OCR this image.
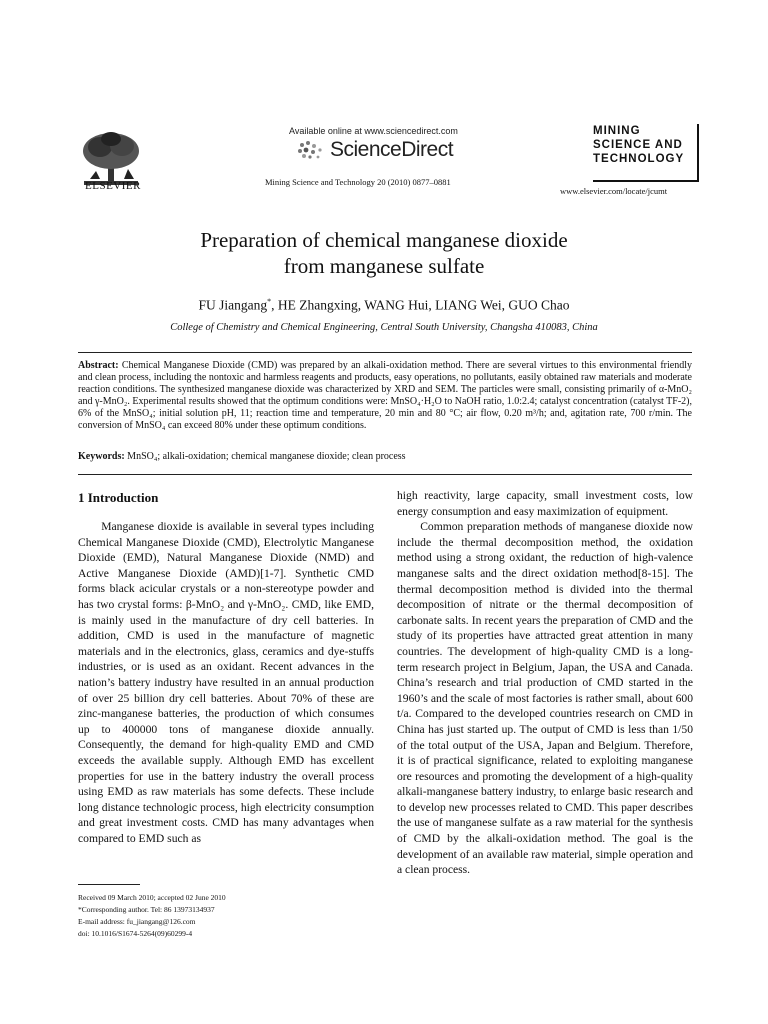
ELSEVIER
Available online at www.sciencedirect.com
ScienceDirect
Mining Science and Technology 20 (2010) 0877–0881
MINING
SCIENCE AND
TECHNOLOGY
www.elsevier.com/locate/jcumt
Preparation of chemical manganese dioxide
from manganese sulfate
FU Jiangang*, HE Zhangxing, WANG Hui, LIANG Wei, GUO Chao
College of Chemistry and Chemical Engineering, Central South University, Changsha 410083, China
Abstract: Chemical Manganese Dioxide (CMD) was prepared by an alkali-oxidation method. There are several virtues to this environmental friendly and clean process, including the nontoxic and harmless reagents and products, easy operations, no pollutants, easily obtained raw materials and moderate reaction conditions. The synthesized manganese dioxide was characterized by XRD and SEM. The particles were small, consisting primarily of α-MnO₂ and γ-MnO₂. Experimental results showed that the optimum conditions were: MnSO₄·H₂O to NaOH ratio, 1.0:2.4; catalyst concentration (catalyst TF-2), 6% of the MnSO₄; initial solution pH, 11; reaction time and temperature, 20 min and 80 °C; air flow, 0.20 m³/h; and, agitation rate, 700 r/min. The conversion of MnSO₄ can exceed 80% under these optimum conditions.
Keywords: MnSO₄; alkali-oxidation; chemical manganese dioxide; clean process
1 Introduction

Manganese dioxide is available in several types including Chemical Manganese Dioxide (CMD), Electrolytic Manganese Dioxide (EMD), Natural Manganese Dioxide (NMD) and Active Manganese Dioxide (AMD)[1-7]. Synthetic CMD forms black acicular crystals or a non-stereotype powder and has two crystal forms: β-MnO₂ and γ-MnO₂. CMD, like EMD, is mainly used in the manufacture of dry cell batteries. In addition, CMD is used in the manufacture of magnetic materials and in the electronics, glass, ceramics and dye-stuffs industries, or is used as an oxidant. Recent advances in the nation’s battery industry have resulted in an annual production of over 25 billion dry cell batteries. About 70% of these are zinc-manganese batteries, the production of which consumes up to 400000 tons of manganese dioxide annually. Consequently, the demand for high-quality EMD and CMD exceeds the available supply. Although EMD has excellent properties for use in the battery industry the overall process using EMD as raw materials has some defects. These include long distance technologic process, high electricity consumption and great investment costs. CMD has many advantages when compared to EMD such as

high reactivity, large capacity, small investment costs, low energy consumption and easy maximization of equipment.

Common preparation methods of manganese dioxide now include the thermal decomposition method, the oxidation method using a strong oxidant, the reduction of high-valence manganese salts and the direct oxidation method[8-15]. The thermal decomposition method is divided into the thermal decomposition of nitrate or the thermal decomposition of carbonate salts. In recent years the preparation of CMD and the study of its properties have attracted great attention in many countries. The development of high-quality CMD is a long-term research project in Belgium, Japan, the USA and Canada. China’s research and trial production of CMD started in the 1960’s and the scale of most factories is rather small, about 600 t/a. Compared to the developed countries research on CMD in China has just started up. The output of CMD is less than 1/50 of the total output of the USA, Japan and Belgium. Therefore, it is of practical significance, related to exploiting manganese ore resources and promoting the development of a high-quality alkali-manganese battery industry, to enlarge basic research and to develop new processes related to CMD. This paper describes the use of manganese sulfate as a raw material for the synthesis of CMD by the alkali-oxidation method. The goal is the development of an available raw material, simple operation and a clean process.

Received 09 March 2010; accepted 02 June 2010
*Corresponding author. Tel: 86 13973134937
E-mail address: fu_jiangang@126.com
doi: 10.1016/S1674-5264(09)60299-4
